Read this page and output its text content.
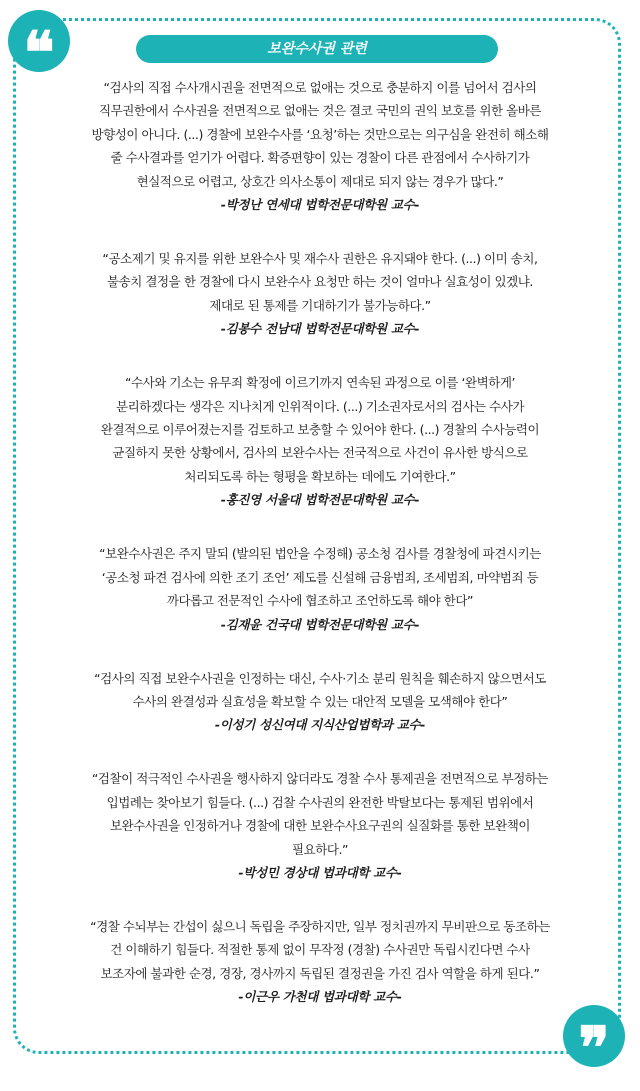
❝
❞
보완수사권 관련

“검사의 직접 수사개시권을 전면적으로 없애는 것으로 충분하지 이를 넘어서 검사의

직무권한에서 수사권을 전면적으로 없애는 것은 결코 국민의 권익 보호를 위한 올바른

방향성이 아니다. (...) 경찰에 보완수사를 ‘요청’하는 것만으로는 의구심을 완전히 해소해

줄 수사결과를 얻기가 어렵다. 확증편향이 있는 경찰이 다른 관점에서 수사하기가

현실적으로 어렵고, 상호간 의사소통이 제대로 되지 않는 경우가 많다.”

-박정난 연세대 법학전문대학원 교수-

“공소제기 및 유지를 위한 보완수사 및 재수사 권한은 유지돼야 한다. (...) 이미 송치,

불송치 결정을 한 경찰에 다시 보완수사 요청만 하는 것이 얼마나 실효성이 있겠냐.

제대로 된 통제를 기대하기가 불가능하다.”

-김봉수 전남대 법학전문대학원 교수-

“수사와 기소는 유무죄 확정에 이르기까지 연속된 과정으로 이를 ‘완벽하게’

분리하겠다는 생각은 지나치게 인위적이다. (...) 기소권자로서의 검사는 수사가

완결적으로 이루어졌는지를 검토하고 보충할 수 있어야 한다. (...) 경찰의 수사능력이

균질하지 못한 상황에서, 검사의 보완수사는 전국적으로 사건이 유사한 방식으로

처리되도록 하는 형평을 확보하는 데에도 기여한다.”

-홍진영 서울대 법학전문대학원 교수-

“보완수사권은 주지 말되 (발의된 법안을 수정해) 공소청 검사를 경찰청에 파견시키는

‘공소청 파견 검사에 의한 조기 조언’ 제도를 신설해 금융범죄, 조세범죄, 마약범죄 등

까다롭고 전문적인 수사에 협조하고 조언하도록 해야 한다”

-김재윤 건국대 법학전문대학원 교수-

“검사의 직접 보완수사권을 인정하는 대신, 수사·기소 분리 원칙을 훼손하지 않으면서도

수사의 완결성과 실효성을 확보할 수 있는 대안적 모델을 모색해야 한다”

-이성기 성신여대 지식산업법학과 교수-

“검찰이 적극적인 수사권을 행사하지 않더라도 경찰 수사 통제권을 전면적으로 부정하는

입법례는 찾아보기 힘들다. (...) 검찰 수사권의 완전한 박탈보다는 통제된 범위에서

보완수사권을 인정하거나 경찰에 대한 보완수사요구권의 실질화를 통한 보완책이

필요하다.”

-박성민 경상대 법과대학 교수-

“경찰 수뇌부는 간섭이 싫으니 독립을 주장하지만, 일부 정치권까지 무비판으로 동조하는

건 이해하기 힘들다. 적절한 통제 없이 무작정 (경찰) 수사권만 독립시킨다면 수사

보조자에 불과한 순경, 경장, 경사까지 독립된 결정권을 가진 검사 역할을 하게 된다.”

-이근우 가천대 법과대학 교수-
